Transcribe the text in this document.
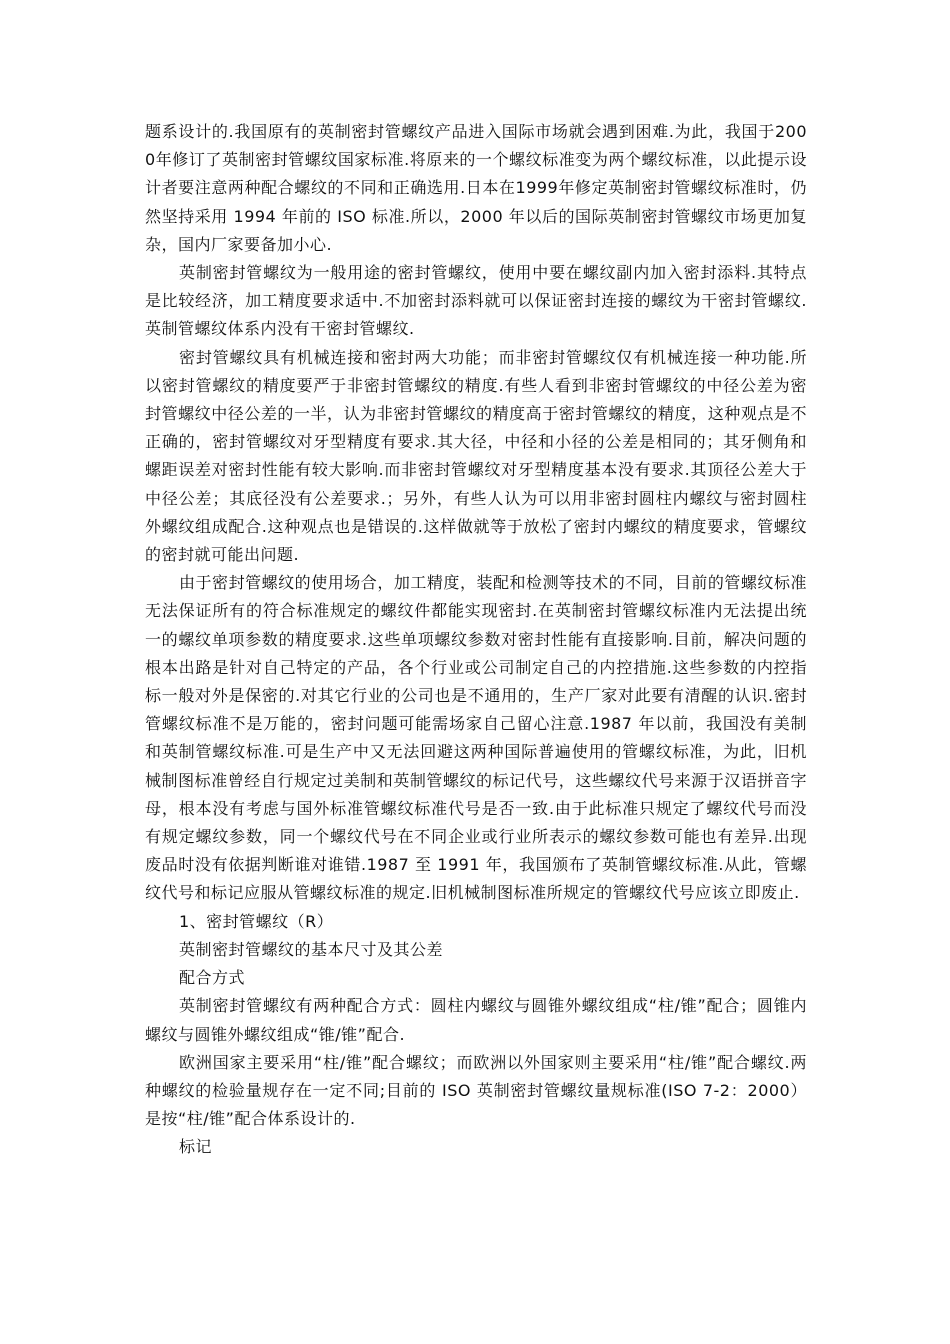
题系设计的.我国原有的英制密封管螺纹产品进入国际市场就会遇到困难.为此，我国于2000年修订了英制密封管螺纹国家标准.将原来的一个螺纹标准变为两个螺纹标准，以此提示设计者要注意两种配合螺纹的不同和正确选用.日本在1999年修定英制密封管螺纹标准时，仍然坚持采用 1994 年前的 ISO 标准.所以，2000 年以后的国际英制密封管螺纹市场更加复杂，国内厂家要备加小心.

英制密封管螺纹为一般用途的密封管螺纹，使用中要在螺纹副内加入密封添料.其特点是比较经济，加工精度要求适中.不加密封添料就可以保证密封连接的螺纹为干密封管螺纹.英制管螺纹体系内没有干密封管螺纹.

密封管螺纹具有机械连接和密封两大功能；而非密封管螺纹仅有机械连接一种功能.所以密封管螺纹的精度要严于非密封管螺纹的精度.有些人看到非密封管螺纹的中径公差为密封管螺纹中径公差的一半，认为非密封管螺纹的精度高于密封管螺纹的精度，这种观点是不正确的，密封管螺纹对牙型精度有要求.其大径，中径和小径的公差是相同的；其牙侧角和螺距误差对密封性能有较大影响.而非密封管螺纹对牙型精度基本没有要求.其顶径公差大于中径公差；其底径没有公差要求.；另外，有些人认为可以用非密封圆柱内螺纹与密封圆柱外螺纹组成配合.这种观点也是错误的.这样做就等于放松了密封内螺纹的精度要求，管螺纹的密封就可能出问题.

由于密封管螺纹的使用场合，加工精度，装配和检测等技术的不同，目前的管螺纹标准无法保证所有的符合标准规定的螺纹件都能实现密封.在英制密封管螺纹标准内无法提出统一的螺纹单项参数的精度要求.这些单项螺纹参数对密封性能有直接影响.目前，解决问题的根本出路是针对自己特定的产品，各个行业或公司制定自己的内控措施.这些参数的内控指标一般对外是保密的.对其它行业的公司也是不通用的，生产厂家对此要有清醒的认识.密封管螺纹标准不是万能的，密封问题可能需场家自己留心注意.1987 年以前，我国没有美制和英制管螺纹标准.可是生产中又无法回避这两种国际普遍使用的管螺纹标准，为此，旧机械制图标准曾经自行规定过美制和英制管螺纹的标记代号，这些螺纹代号来源于汉语拼音字母，根本没有考虑与国外标准管螺纹标准代号是否一致.由于此标准只规定了螺纹代号而没有规定螺纹参数，同一个螺纹代号在不同企业或行业所表示的螺纹参数可能也有差异.出现废品时没有依据判断谁对谁错.1987 至 1991 年，我国颁布了英制管螺纹标准.从此，管螺纹代号和标记应服从管螺纹标准的规定.旧机械制图标准所规定的管螺纹代号应该立即废止.

1、密封管螺纹（R）

英制密封管螺纹的基本尺寸及其公差

配合方式

英制密封管螺纹有两种配合方式：圆柱内螺纹与圆锥外螺纹组成“柱/锥”配合；圆锥内螺纹与圆锥外螺纹组成“锥/锥”配合.

欧洲国家主要采用“柱/锥”配合螺纹；而欧洲以外国家则主要采用“柱/锥”配合螺纹.两种螺纹的检验量规存在一定不同;目前的 ISO 英制密封管螺纹量规标准(ISO 7-2：2000）是按“柱/锥”配合体系设计的.

标记
